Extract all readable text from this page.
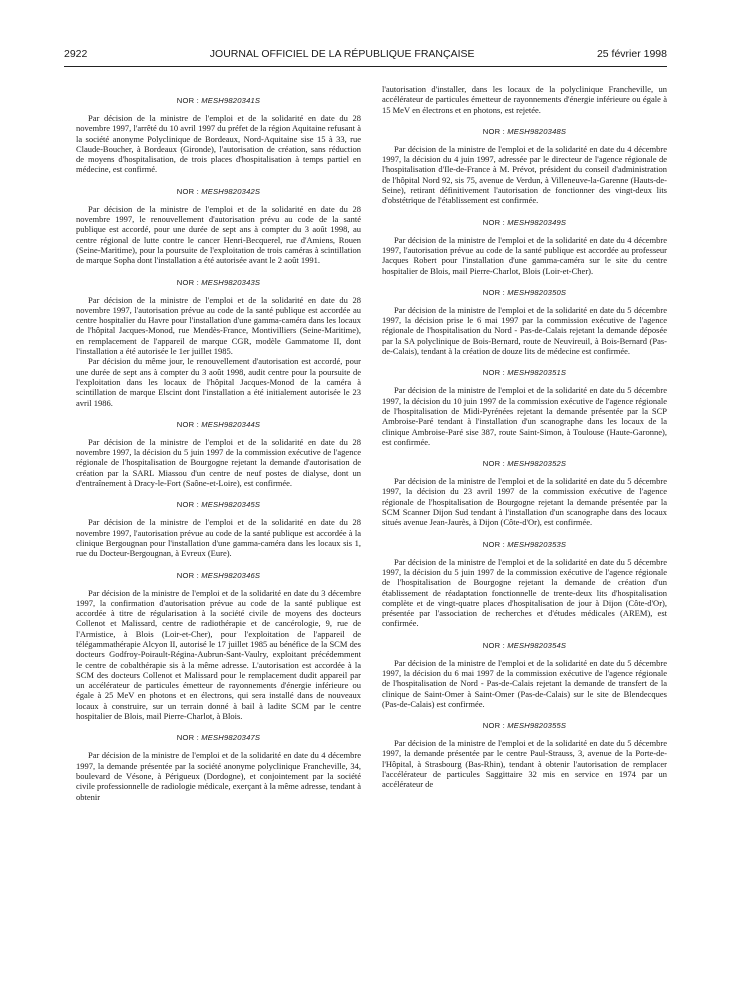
2922	JOURNAL OFFICIEL DE LA RÉPUBLIQUE FRANÇAISE	25 février 1998
NOR : MESH9820341S

Par décision de la ministre de l'emploi et de la solidarité en date du 28 novembre 1997, l'arrêté du 10 avril 1997 du préfet de la région Aquitaine refusant à la société anonyme Polyclinique de Bordeaux, Nord-Aquitaine sise 15 à 33, rue Claude-Boucher, à Bordeaux (Gironde), l'autorisation de création, sans réduction de moyens d'hospitalisation, de trois places d'hospitalisation à temps partiel en médecine, est confirmé.

NOR : MESH9820342S

Par décision de la ministre de l'emploi et de la solidarité en date du 28 novembre 1997, le renouvellement d'autorisation prévu au code de la santé publique est accordé, pour une durée de sept ans à compter du 3 août 1998, au centre régional de lutte contre le cancer Henri-Becquerel, rue d'Amiens, Rouen (Seine-Maritime), pour la poursuite de l'exploitation de trois caméras à scintillation de marque Sopha dont l'installation a été autorisée avant le 2 août 1991.

NOR : MESH9820343S

Par décision de la ministre de l'emploi et de la solidarité en date du 28 novembre 1997, l'autorisation prévue au code de la santé publique est accordée au centre hospitalier du Havre pour l'installation d'une gamma-caméra dans les locaux de l'hôpital Jacques-Monod, rue Mendès-France, Montivilliers (Seine-Maritime), en remplacement de l'appareil de marque CGR, modèle Gammatome II, dont l'installation a été autorisée le 1er juillet 1985.

Par décision du même jour, le renouvellement d'autorisation est accordé, pour une durée de sept ans à compter du 3 août 1998, audit centre pour la poursuite de l'exploitation dans les locaux de l'hôpital Jacques-Monod de la caméra à scintillation de marque Elscint dont l'installation a été initialement autorisée le 23 avril 1986.

NOR : MESH9820344S

Par décision de la ministre de l'emploi et de la solidarité en date du 28 novembre 1997, la décision du 5 juin 1997 de la commission exécutive de l'agence régionale de l'hospitalisation de Bourgogne rejetant la demande d'autorisation de création par la SARL Miassou d'un centre de neuf postes de dialyse, dont un d'entraînement à Dracy-le-Fort (Saône-et-Loire), est confirmée.

NOR : MESH9820345S

Par décision de la ministre de l'emploi et de la solidarité en date du 28 novembre 1997, l'autorisation prévue au code de la santé publique est accordée à la clinique Bergougnan pour l'installation d'une gamma-caméra dans les locaux sis 1, rue du Docteur-Bergougnan, à Evreux (Eure).

NOR : MESH9820346S

Par décision de la ministre de l'emploi et de la solidarité en date du 3 décembre 1997, la confirmation d'autorisation prévue au code de la santé publique est accordée à titre de régularisation à la société civile de moyens des docteurs Collenot et Malissard, centre de radiothérapie et de cancérologie, 9, rue de l'Armistice, à Blois (Loir-et-Cher), pour l'exploitation de l'appareil de télégammathérapie Alcyon II, autorisé le 17 juillet 1985 au bénéfice de la SCM des docteurs Godfroy-Poirault-Régina-Aubrun-Sant-Vaulry, exploitant précédemment le centre de cobalthérapie sis à la même adresse. L'autorisation est accordée à la SCM des docteurs Collenot et Malissard pour le remplacement dudit appareil par un accélérateur de particules émetteur de rayonnements d'énergie inférieure ou égale à 25 MeV en photons et en électrons, qui sera installé dans de nouveaux locaux à construire, sur un terrain donné à bail à ladite SCM par le centre hospitalier de Blois, mail Pierre-Charlot, à Blois.

NOR : MESH9820347S

Par décision de la ministre de l'emploi et de la solidarité en date du 4 décembre 1997, la demande présentée par la société anonyme polyclinique Francheville, 34, boulevard de Vésone, à Périgueux (Dordogne), et conjointement par la société civile professionnelle de radiologie médicale, exerçant à la même adresse, tendant à obtenir

l'autorisation d'installer, dans les locaux de la polyclinique Francheville, un accélérateur de particules émetteur de rayonnements d'énergie inférieure ou égale à 15 MeV en électrons et en photons, est rejetée.

NOR : MESH9820348S

Par décision de la ministre de l'emploi et de la solidarité en date du 4 décembre 1997, la décision du 4 juin 1997, adressée par le directeur de l'agence régionale de l'hospitalisation d'Ile-de-France à M. Prévot, président du conseil d'administration de l'hôpital Nord 92, sis 75, avenue de Verdun, à Villeneuve-la-Garenne (Hauts-de-Seine), retirant définitivement l'autorisation de fonctionner des vingt-deux lits d'obstétrique de l'établissement est confirmée.

NOR : MESH9820349S

Par décision de la ministre de l'emploi et de la solidarité en date du 4 décembre 1997, l'autorisation prévue au code de la santé publique est accordée au professeur Jacques Robert pour l'installation d'une gamma-caméra sur le site du centre hospitalier de Blois, mail Pierre-Charlot, Blois (Loir-et-Cher).

NOR : MESH9820350S

Par décision de la ministre de l'emploi et de la solidarité en date du 5 décembre 1997, la décision prise le 6 mai 1997 par la commission exécutive de l'agence régionale de l'hospitalisation du Nord - Pas-de-Calais rejetant la demande déposée par la SA polyclinique de Bois-Bernard, route de Neuvireuil, à Bois-Bernard (Pas-de-Calais), tendant à la création de douze lits de médecine est confirmée.

NOR : MESH9820351S

Par décision de la ministre de l'emploi et de la solidarité en date du 5 décembre 1997, la décision du 10 juin 1997 de la commission exécutive de l'agence régionale de l'hospitalisation de Midi-Pyrénées rejetant la demande présentée par la SCP Ambroise-Paré tendant à l'installation d'un scanographe dans les locaux de la clinique Ambroise-Paré sise 387, route Saint-Simon, à Toulouse (Haute-Garonne), est confirmée.

NOR : MESH9820352S

Par décision de la ministre de l'emploi et de la solidarité en date du 5 décembre 1997, la décision du 23 avril 1997 de la commission exécutive de l'agence régionale de l'hospitalisation de Bourgogne rejetant la demande présentée par la SCM Scanner Dijon Sud tendant à l'installation d'un scanographe dans des locaux situés avenue Jean-Jaurès, à Dijon (Côte-d'Or), est confirmée.

NOR : MESH9820353S

Par décision de la ministre de l'emploi et de la solidarité en date du 5 décembre 1997, la décision du 5 juin 1997 de la commission exécutive de l'agence régionale de l'hospitalisation de Bourgogne rejetant la demande de création d'un établissement de réadaptation fonctionnelle de trente-deux lits d'hospitalisation complète et de vingt-quatre places d'hospitalisation de jour à Dijon (Côte-d'Or), présentée par l'association de recherches et d'études médicales (AREM), est confirmée.

NOR : MESH9820354S

Par décision de la ministre de l'emploi et de la solidarité en date du 5 décembre 1997, la décision du 6 mai 1997 de la commission exécutive de l'agence régionale de l'hospitalisation de Nord - Pas-de-Calais rejetant la demande de transfert de la clinique de Saint-Omer à Saint-Omer (Pas-de-Calais) sur le site de Blendecques (Pas-de-Calais) est confirmée.

NOR : MESH9820355S

Par décision de la ministre de l'emploi et de la solidarité en date du 5 décembre 1997, la demande présentée par le centre Paul-Strauss, 3, avenue de la Porte-de-l'Hôpital, à Strasbourg (Bas-Rhin), tendant à obtenir l'autorisation de remplacer l'accélérateur de particules Saggittaire 32 mis en service en 1974 par un accélérateur de
